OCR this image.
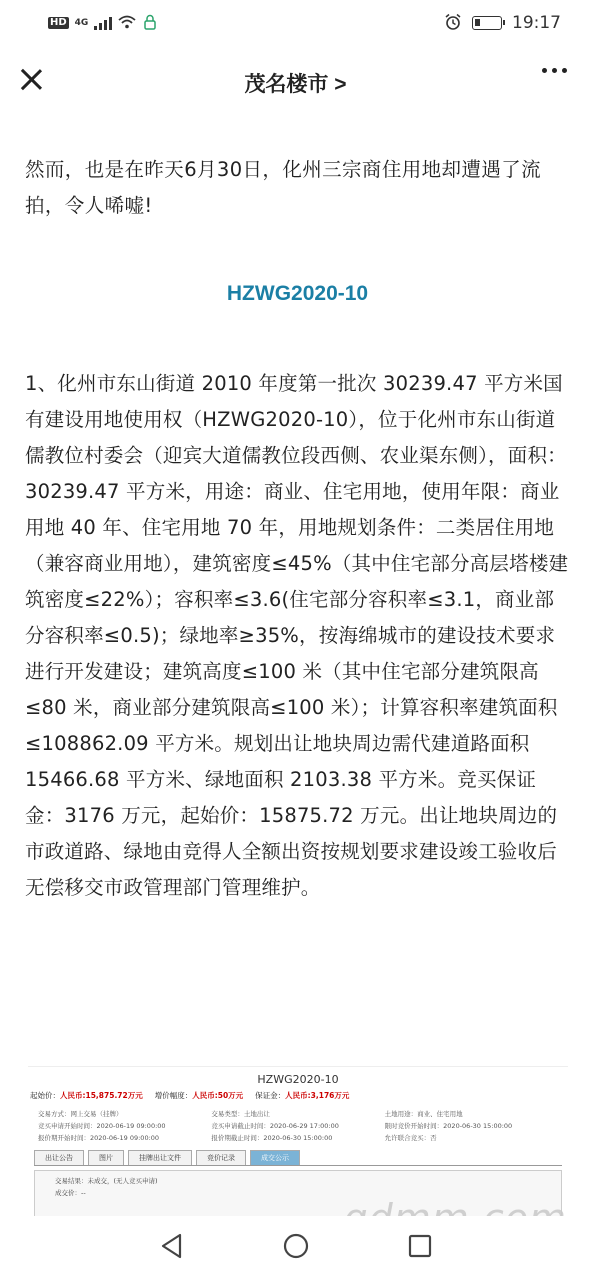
HD 4G	19:17
茂名楼市 >

然而，也是在昨天6月30日，化州三宗商住用地却遭遇了流拍，令人唏嘘!

HZWG2020-10

1、化州市东山街道 2010 年度第一批次 30239.47 平方米国有建设用地使用权（HZWG2020-10），位于化州市东山街道儒教位村委会（迎宾大道儒教位段西侧、农业渠东侧），面积：30239.47 平方米，用途：商业、住宅用地，使用年限：商业用地 40 年、住宅用地 70 年，用地规划条件：二类居住用地（兼容商业用地），建筑密度≤45%（其中住宅部分高层塔楼建筑密度≤22%）；容积率≤3.6(住宅部分容积率≤3.1，商业部分容积率≤0.5)；绿地率≥35%，按海绵城市的建设技术要求进行开发建设；建筑高度≤100 米（其中住宅部分建筑限高≤80 米，商业部分建筑限高≤100 米）；计算容积率建筑面积≤108862.09 平方米。规划出让地块周边需代建道路面积 15466.68 平方米、绿地面积 2103.38 平方米。竞买保证金：3176 万元，起始价：15875.72 万元。出让地块周边的市政道路、绿地由竞得人全额出资按规划要求建设竣工验收后无偿移交市政管理部门管理维护。

HZWG2020-10
起始价：人民币:15,875.72万元 增价幅度：人民币:50万元 保证金：人民币:3,176万元
交易方式：网上交易（挂牌）	交易类型：土地出让	土地用途：商业、住宅用地
竞买申请开始时间：2020-06-19 09:00:00	竞买申请截止时间：2020-06-29 17:00:00	限时竞价开始时间：2020-06-30 15:00:00
报价期开始时间：2020-06-19 09:00:00	报价期截止时间：2020-06-30 15:00:00	允许联合竞买：否
出让公告	图片	挂牌出让文件	竞价记录	成交公示
交易结果：未成交，(无人竞买申请)
成交价：--
